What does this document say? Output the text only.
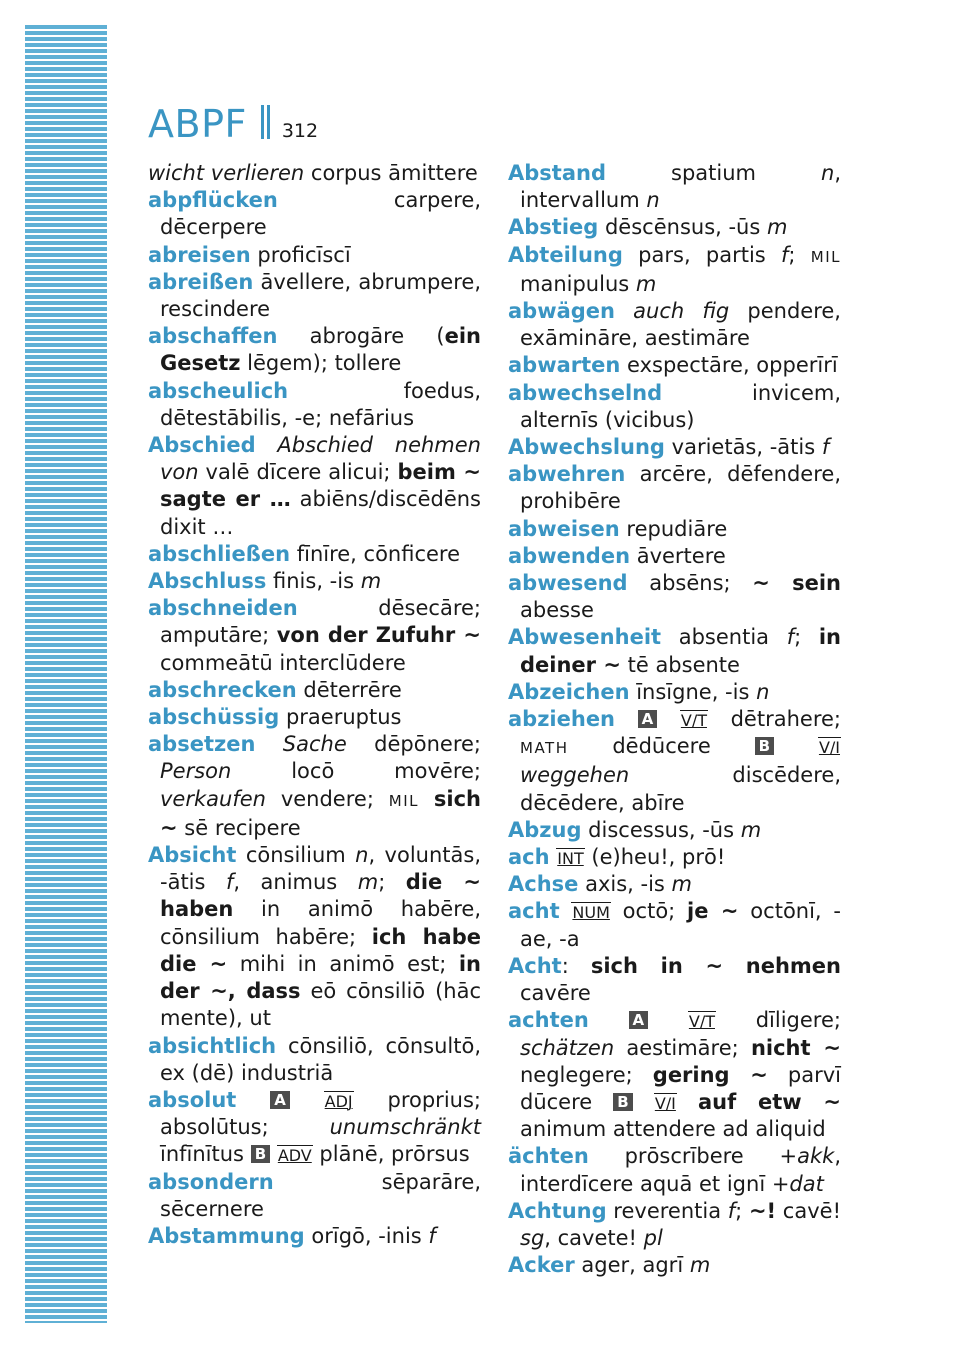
ABPF 312
wicht verlieren corpus āmittere
abpflücken carpere, dēcerpere
abreisen proficīscī
abreißen āvellere, abrumpere, rescindere
abschaffen abrogāre (ein Gesetz lēgem); tollere
abscheulich foedus, dētestābilis, -e; nefārius
Abschied Abschied nehmen von valē dīcere alicui; beim ~ sagte er … abiēns/discēdēns dixit …
abschließen fīnīre, cōnficere
Abschluss finis, -is m
abschneiden dēsecāre; amputāre; von der Zufuhr ~ commeātū interclūdere
abschrecken dēterrēre
abschüssig praeruptus
absetzen Sache dēpōnere; Person locō movēre; verkaufen vendere; MIL sich ~ sē recipere
Absicht cōnsilium n, voluntās, -ātis f, animus m; die ~ haben in animō habēre, cōnsilium habēre; ich habe die ~ mihi in animō est; in der ~, dass eō cōnsiliō (hāc mente), ut
absichtlich cōnsiliō, cōnsultō, ex (dē) industriā
absolut	A ADJ proprius; absolūtus; unumschränkt īnfīnītus B ADV plānē, prōrsus
absondern sēparāre, sēcernere
Abstammung orīgō, -inis f
Abstand spatium n, intervallum n
Abstieg dēscēnsus, -ūs m
Abteilung pars, partis f; MIL manipulus m
abwägen auch fig pendere, exāmināre, aestimāre
abwarten exspectāre, opperīrī
abwechselnd invicem, alternīs (vicibus)
Abwechslung varietās, -ātis f
abwehren arcēre, dēfendere, prohibēre
abweisen repudiāre
abwenden āvertere
abwesend absēns; ~ sein abesse
Abwesenheit absentia f; in deiner ~ tē absente
Abzeichen īnsīgne, -is n
abziehen A V/T dētrahere; MATH dēdūcere B	V/I weggehen discēdere, dēcēdere, abīre
Abzug discessus, -ūs m
ach INT (e)heu!, prō!
Achse axis, -is m
acht NUM octō; je ~ octōnī, -ae, -a
Acht: sich in ~ nehmen cavēre
achten	A	V/T dīligere; schätzen aestimāre; nicht ~ neglegere; gering ~ parvī dūcere B V/I auf etw ~ animum attendere ad aliquid
ächten prōscrībere +akk, interdīcere aquā et ignī +dat
Achtung reverentia f; ~! cavē! sg, cavete! pl
Acker ager, agrī m
